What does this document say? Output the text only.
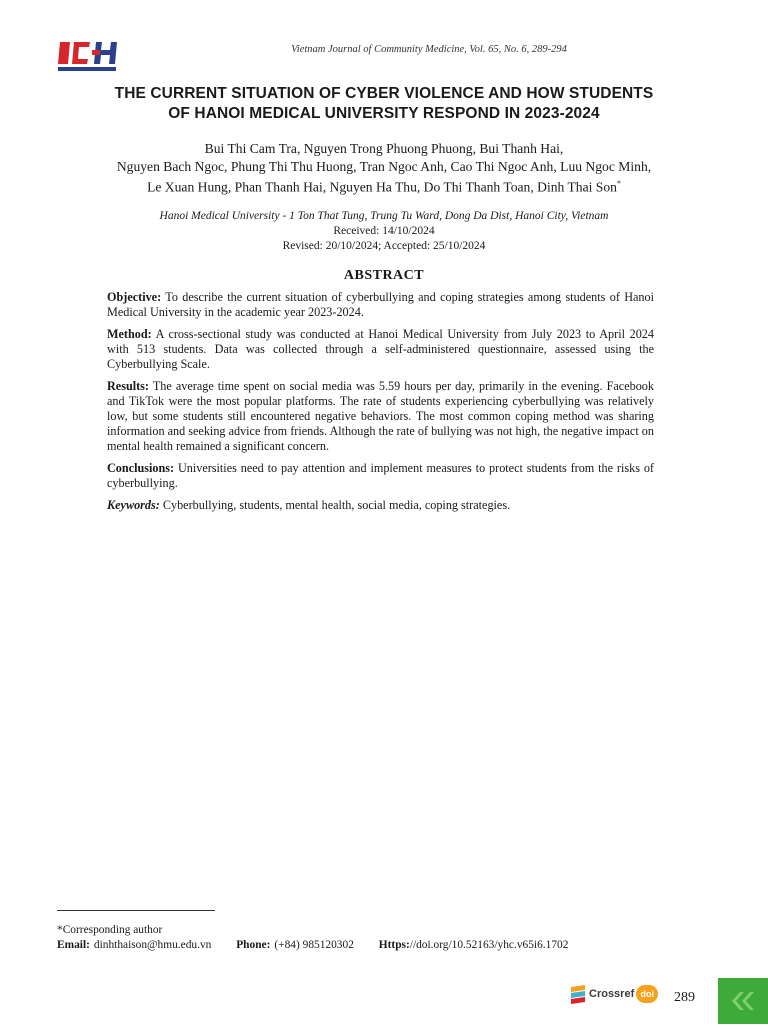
Vietnam Journal of Community Medicine, Vol. 65, No. 6, 289-294
THE CURRENT SITUATION OF CYBER VIOLENCE AND HOW STUDENTS
OF HANOI MEDICAL UNIVERSITY RESPOND IN 2023-2024
Bui Thi Cam Tra, Nguyen Trong Phuong Phuong, Bui Thanh Hai,
Nguyen Bach Ngoc, Phung Thi Thu Huong, Tran Ngoc Anh, Cao Thi Ngoc Anh, Luu Ngoc Minh,
Le Xuan Hung, Phan Thanh Hai, Nguyen Ha Thu, Do Thi Thanh Toan, Dinh Thai Son*
Hanoi Medical University - 1 Ton That Tung, Trung Tu Ward, Dong Da Dist, Hanoi City, Vietnam
Received: 14/10/2024
Revised: 20/10/2024; Accepted: 25/10/2024
ABSTRACT

Objective: To describe the current situation of cyberbullying and coping strategies among students of Hanoi Medical University in the academic year 2023-2024.

Method: A cross-sectional study was conducted at Hanoi Medical University from July 2023 to April 2024 with 513 students. Data was collected through a self-administered questionnaire, assessed using the Cyberbullying Scale.

Results: The average time spent on social media was 5.59 hours per day, primarily in the evening. Facebook and TikTok were the most popular platforms. The rate of students experiencing cyberbullying was relatively low, but some students still encountered negative behaviors. The most common coping method was sharing information and seeking advice from friends. Although the rate of bullying was not high, the negative impact on mental health remained a significant concern.

Conclusions: Universities need to pay attention and implement measures to protect students from the risks of cyberbullying.

Keywords: Cyberbullying, students, mental health, social media, coping strategies.

*Corresponding author
Email: dinhthaison@hmu.edu.vn Phone: (+84) 985120302 Https://doi.org/10.52163/yhc.v65i6.1702
Crossref doi	289
